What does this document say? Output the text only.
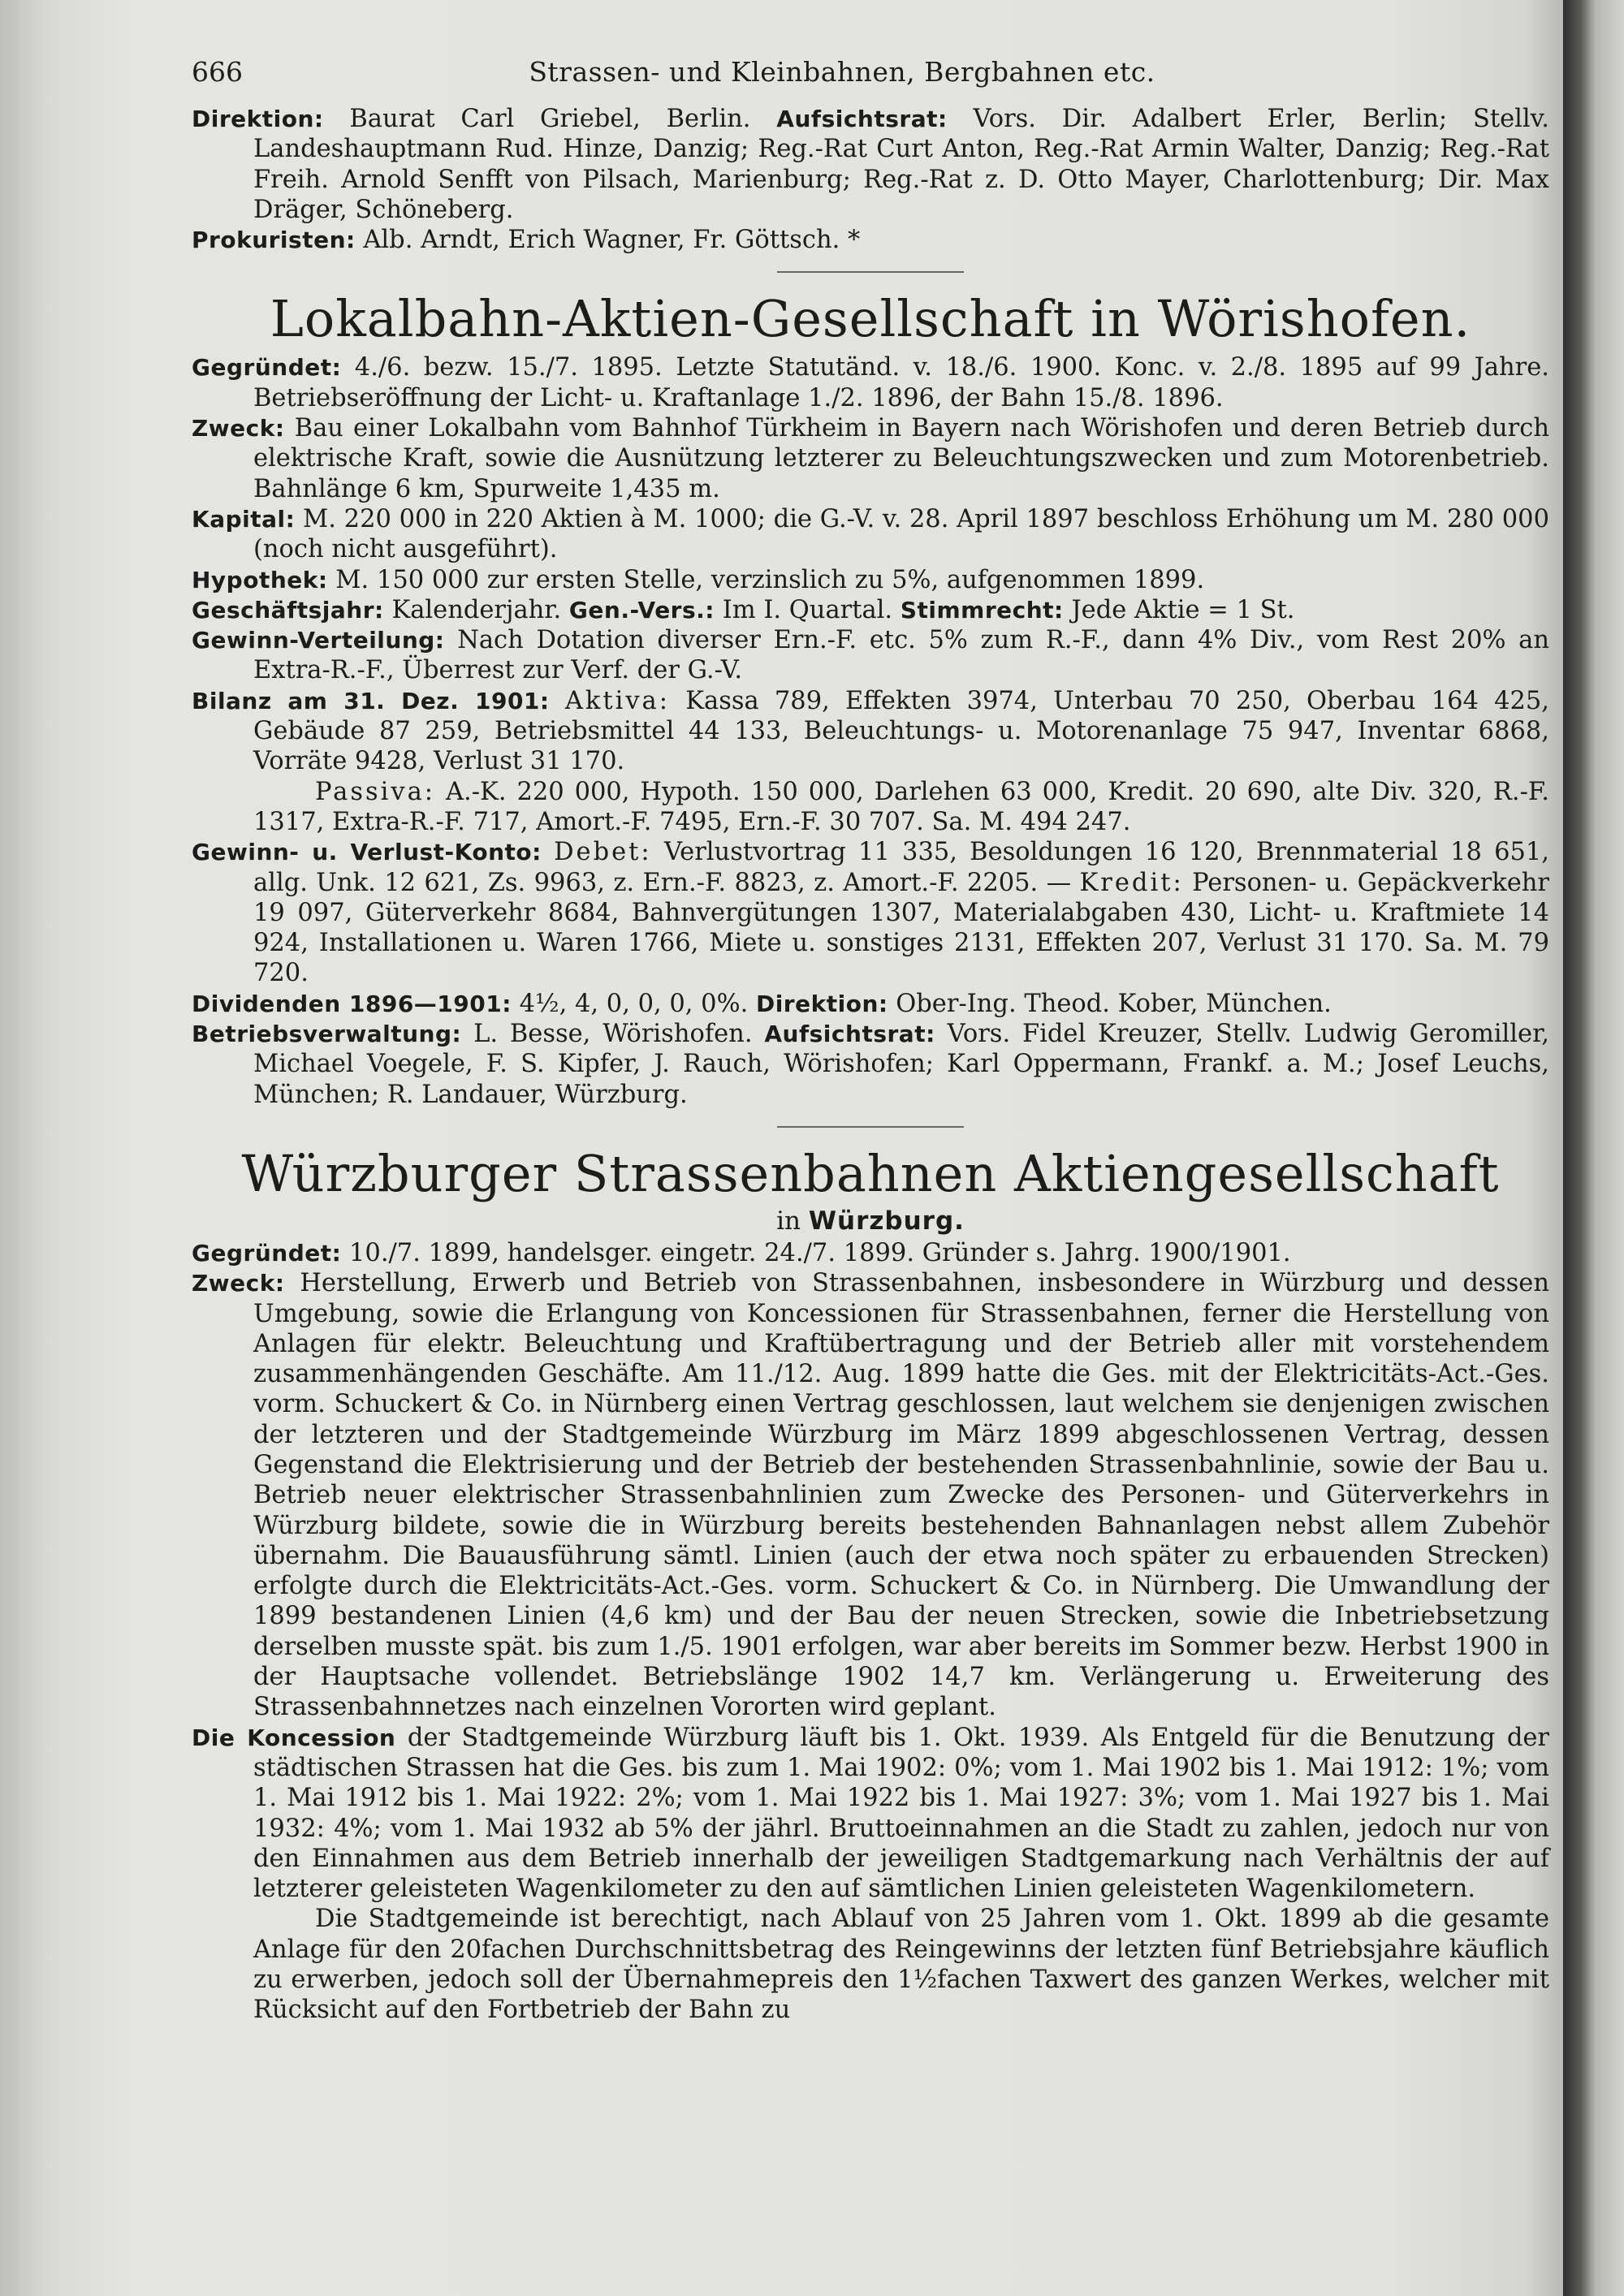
666	Strassen- und Kleinbahnen, Bergbahnen etc.

Direktion: Baurat Carl Griebel, Berlin. Aufsichtsrat: Vors. Dir. Adalbert Erler, Berlin; Stellv. Landeshauptmann Rud. Hinze, Danzig; Reg.-Rat Curt Anton, Reg.-Rat Armin Walter, Danzig; Reg.-Rat Freih. Arnold Senfft von Pilsach, Marienburg; Reg.-Rat z. D. Otto Mayer, Charlottenburg; Dir. Max Dräger, Schöneberg.

Prokuristen: Alb. Arndt, Erich Wagner, Fr. Göttsch. *

Lokalbahn-Aktien-Gesellschaft in Wörishofen.

Gegründet: 4./6. bezw. 15./7. 1895. Letzte Statutänd. v. 18./6. 1900. Konc. v. 2./8. 1895 auf 99 Jahre. Betriebseröffnung der Licht- u. Kraftanlage 1./2. 1896, der Bahn 15./8. 1896.

Zweck: Bau einer Lokalbahn vom Bahnhof Türkheim in Bayern nach Wörishofen und deren Betrieb durch elektrische Kraft, sowie die Ausnützung letzterer zu Beleuchtungszwecken und zum Motorenbetrieb. Bahnlänge 6 km, Spurweite 1,435 m.

Kapital: M. 220 000 in 220 Aktien à M. 1000; die G.-V. v. 28. April 1897 beschloss Erhöhung um M. 280 000 (noch nicht ausgeführt).

Hypothek: M. 150 000 zur ersten Stelle, verzinslich zu 5%, aufgenommen 1899.

Geschäftsjahr: Kalenderjahr. Gen.-Vers.: Im I. Quartal. Stimmrecht: Jede Aktie = 1 St.

Gewinn-Verteilung: Nach Dotation diverser Ern.-F. etc. 5% zum R.-F., dann 4% Div., vom Rest 20% an Extra-R.-F., Überrest zur Verf. der G.-V.

Bilanz am 31. Dez. 1901: Aktiva: Kassa 789, Effekten 3974, Unterbau 70 250, Oberbau 164 425, Gebäude 87 259, Betriebsmittel 44 133, Beleuchtungs- u. Motorenanlage 75 947, Inventar 6868, Vorräte 9428, Verlust 31 170.

Passiva: A.-K. 220 000, Hypoth. 150 000, Darlehen 63 000, Kredit. 20 690, alte Div. 320, R.-F. 1317, Extra-R.-F. 717, Amort.-F. 7495, Ern.-F. 30 707. Sa. M. 494 247.

Gewinn- u. Verlust-Konto: Debet: Verlustvortrag 11 335, Besoldungen 16 120, Brennmaterial 18 651, allg. Unk. 12 621, Zs. 9963, z. Ern.-F. 8823, z. Amort.-F. 2205. — Kredit: Personen- u. Gepäckverkehr 19 097, Güterverkehr 8684, Bahnvergütungen 1307, Materialabgaben 430, Licht- u. Kraftmiete 14 924, Installationen u. Waren 1766, Miete u. sonstiges 2131, Effekten 207, Verlust 31 170. Sa. M. 79 720.

Dividenden 1896—1901: 4½, 4, 0, 0, 0, 0%. Direktion: Ober-Ing. Theod. Kober, München.

Betriebsverwaltung: L. Besse, Wörishofen. Aufsichtsrat: Vors. Fidel Kreuzer, Stellv. Ludwig Geromiller, Michael Voegele, F. S. Kipfer, J. Rauch, Wörishofen; Karl Oppermann, Frankf. a. M.; Josef Leuchs, München; R. Landauer, Würzburg.

Würzburger Strassenbahnen Aktiengesellschaft
in Würzburg.

Gegründet: 10./7. 1899, handelsger. eingetr. 24./7. 1899. Gründer s. Jahrg. 1900/1901.

Zweck: Herstellung, Erwerb und Betrieb von Strassenbahnen, insbesondere in Würzburg und dessen Umgebung, sowie die Erlangung von Koncessionen für Strassenbahnen, ferner die Herstellung von Anlagen für elektr. Beleuchtung und Kraftübertragung und der Betrieb aller mit vorstehendem zusammenhängenden Geschäfte. Am 11./12. Aug. 1899 hatte die Ges. mit der Elektricitäts-Act.-Ges. vorm. Schuckert & Co. in Nürnberg einen Vertrag geschlossen, laut welchem sie denjenigen zwischen der letzteren und der Stadtgemeinde Würzburg im März 1899 abgeschlossenen Vertrag, dessen Gegenstand die Elektrisierung und der Betrieb der bestehenden Strassenbahnlinie, sowie der Bau u. Betrieb neuer elektrischer Strassenbahnlinien zum Zwecke des Personen- und Güterverkehrs in Würzburg bildete, sowie die in Würzburg bereits bestehenden Bahnanlagen nebst allem Zubehör übernahm. Die Bauausführung sämtl. Linien (auch der etwa noch später zu erbauenden Strecken) erfolgte durch die Elektricitäts-Act.-Ges. vorm. Schuckert & Co. in Nürnberg. Die Umwandlung der 1899 bestandenen Linien (4,6 km) und der Bau der neuen Strecken, sowie die Inbetriebsetzung derselben musste spät. bis zum 1./5. 1901 erfolgen, war aber bereits im Sommer bezw. Herbst 1900 in der Hauptsache vollendet. Betriebslänge 1902 14,7 km. Verlängerung u. Erweiterung des Strassenbahnnetzes nach einzelnen Vororten wird geplant.

Die Koncession der Stadtgemeinde Würzburg läuft bis 1. Okt. 1939. Als Entgeld für die Benutzung der städtischen Strassen hat die Ges. bis zum 1. Mai 1902: 0%; vom 1. Mai 1902 bis 1. Mai 1912: 1%; vom 1. Mai 1912 bis 1. Mai 1922: 2%; vom 1. Mai 1922 bis 1. Mai 1927: 3%; vom 1. Mai 1927 bis 1. Mai 1932: 4%; vom 1. Mai 1932 ab 5% der jährl. Bruttoeinnahmen an die Stadt zu zahlen, jedoch nur von den Einnahmen aus dem Betrieb innerhalb der jeweiligen Stadtgemarkung nach Verhältnis der auf letzterer geleisteten Wagenkilometer zu den auf sämtlichen Linien geleisteten Wagenkilometern.

Die Stadtgemeinde ist berechtigt, nach Ablauf von 25 Jahren vom 1. Okt. 1899 ab die gesamte Anlage für den 20fachen Durchschnittsbetrag des Reingewinns der letzten fünf Betriebsjahre käuflich zu erwerben, jedoch soll der Übernahmepreis den 1½fachen Taxwert des ganzen Werkes, welcher mit Rücksicht auf den Fortbetrieb der Bahn zu
